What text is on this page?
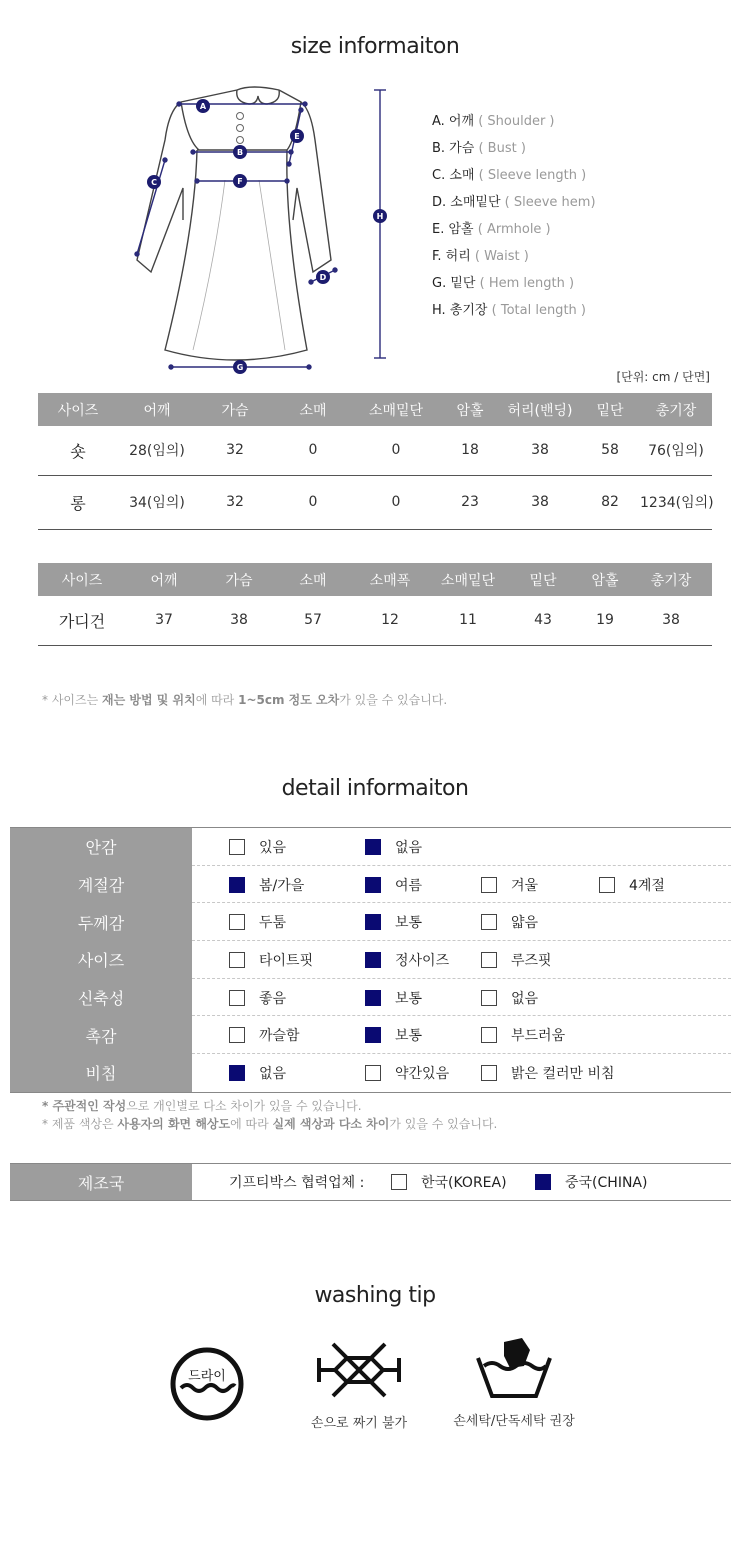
size informaiton
A
B
C
D
E
F
G
H
A. 어깨 ( Shoulder )
B. 가슴 ( Bust )
C. 소매 ( Sleeve length )
D. 소매밑단 ( Sleeve hem)
E. 암홀 ( Armhole )
F. 허리 ( Waist )
G. 밑단 ( Hem length )
H. 총기장 ( Total length )
[단위: cm / 단면]
사이즈	어깨	가슴	소매	소매밑단	암홀	허리(밴딩)	밑단	총기장
숏	28(임의)	32	0	0	18	38	58	76(임의)
롱	34(임의)	32	0	0	23	38	82	1234(임의)
사이즈	어깨	가슴	소매	소매폭	소매밑단	밑단	암홀	총기장
가디건	37	38	57	12	11	43	19	38
* 사이즈는 재는 방법 및 위치에 따라 1~5cm 정도 오차가 있을 수 있습니다.
detail informaiton
안감	있음	없음
계절감	봄/가을	여름	겨울	4계절
두께감	두툼	보통	얇음
사이즈	타이트핏	정사이즈	루즈핏
신축성	좋음	보통	없음
촉감	까슬함	보통	부드러움
비침	없음	약간있음	밝은 컬러만 비침
* 주관적인 작성으로 개인별로 다소 차이가 있을 수 있습니다.
* 제품 색상은 사용자의 화면 해상도에 따라 실제 색상과 다소 차이가 있을 수 있습니다.
제조국	기프티박스 협력업체 :	한국(KOREA)	중국(CHINA)
washing tip
드라이
손으로 짜기 불가	손세탁/단독세탁 권장
